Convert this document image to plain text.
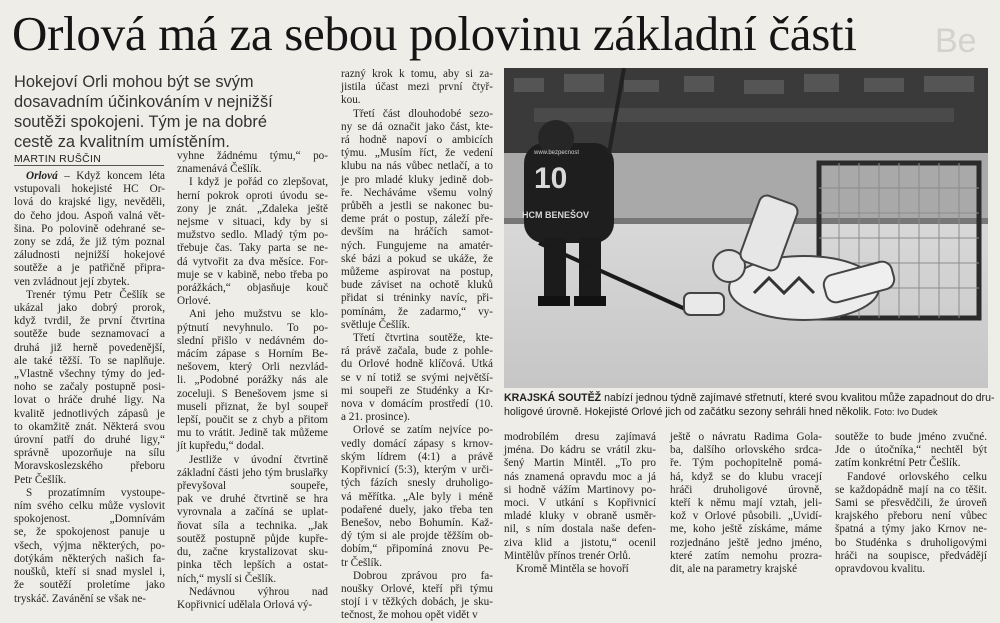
Orlová má za sebou polovinu základní části	Be

Hokejoví Orli mohou být se svým

dosavadním účinkováním v nejnižší

soutěži spokojeni. Tým je na dobré

cestě za kvalitním umístěním.

MARTIN RUŠČIN
Orlová – Když koncem léta
vstupovali hokejisté HC Or-
lová do krajské ligy, nevěděli,
do čeho jdou. Aspoň valná vět-
šina. Po polovině odehrané se-
zony se zdá, že již tým poznal
záludnosti nejnižší hokejové
soutěže a je patřičně připra-
ven zvládnout její zbytek.
Trenér týmu Petr Češlík se
ukázal jako dobrý prorok,
když tvrdil, že první čtvrtina
soutěže bude seznamovací a
druhá již herně povedenější,
ale také těžší. To se naplňuje.
„Vlastně všechny týmy do jed-
noho se začaly postupně posi-
lovat o hráče druhé ligy. Na
kvalitě jednotlivých zápasů je
to okamžitě znát. Některá svou
úrovní patří do druhé ligy,“
správně upozorňuje na sílu
Moravskoslezského přeboru
Petr Češlík.
S prozatímním vystoupe-
ním svého celku může vyslovit
spokojenost. „Domnívám
se, že spokojenost panuje u
všech, výjma některých, po-
dotýkám některých našich fa-
noušků, kteří si snad myslel i,
že soutěží proletíme jako
tryskáč. Zavánění se však ne-
vyhne žádnému týmu,“ po-
znamenává Češlík.
I když je pořád co zlepšovat,
herní pokrok oproti úvodu se-
zony je znát. „Zdaleka ještě
nejsme v situaci, kdy by si
mužstvo sedlo. Mladý tým po-
třebuje čas. Taky parta se ne-
dá vytvořit za dva měsíce. For-
muje se v kabině, nebo třeba po
porážkách,“ objasňuje kouč
Orlové.
Ani jeho mužstvu se klo-
pýtnutí nevyhnulo. To po-
slední přišlo v nedávném do-
mácím zápase s Horním Be-
nešovem, který Orli nezvlád-
li. „Podobné porážky nás ale
zoceluji. S Benešovem jsme si
museli přiznat, že byl soupeř
lepší, poučit se z chyb a přitom
mu to vrátit. Jedině tak můžeme
jít kupředu,“ dodal.
Jestliže v úvodní čtvrtině
základní části jeho tým bruslařky
převyšoval soupeře,
pak ve druhé čtvrtině se hra
vyrovnala a začíná se uplat-
ňovat síla a technika. „Jak
soutěž postupně půjde kupře-
du, začne krystalizovat sku-
pinka těch lepších a ostat-
ních,“ myslí si Češlík.
Nedávnou výhrou nad
Kopřivnicí udělala Orlová vý-
razný krok k tomu, aby si za-
jistila účast mezi první čtyř-
kou.
Třetí část dlouhodobé sezo-
ny se dá označit jako část, kte-
rá hodně napoví o ambicích
týmu. „Musím říct, že vedení
klubu na nás vůbec netlačí, a to
je pro mladé kluky jedině dob-
ře. Necháváme všemu volný
průběh a jestli se nakonec bu-
deme prát o postup, záleží pře-
devším na hráčích samot-
ných. Fungujeme na amatér-
ské bázi a pokud se ukáže, že
můžeme aspirovat na postup,
bude záviset na ochotě kluků
přidat si tréninky navíc, při-
pomínám, že zadarmo,“ vy-
světluje Češlík.
Třetí čtvrtina soutěže, kte-
rá právě začala, bude z pohle-
du Orlové hodně klíčová. Utká
se v ní totiž se svými největší-
mi soupeři ze Studénky a Kr-
nova v domácím prostředí (10.
a 21. prosince).
Orlové se zatím nejvíce po-
vedly domácí zápasy s krnov-
ským lídrem (4:1) a právě
Kopřivnicí (5:3), kterým v urči-
tých fázích snesly druholigo-
vá měřítka. „Ale byly i méně
podařené duely, jako třeba ten
Benešov, nebo Bohumín. Kaž-
dý tým si ale projde těžším ob-
dobím,“ připomíná znovu Pe-
tr Češlík.
Dobrou zprávou pro fa-
noušky Orlové, kteří při týmu
stojí i v těžkých dobách, je sku-
tečnost, že mohou opět vidět v
modrobílém dresu zajímavá
jména. Do kádru se vrátil zku-
šený Martin Mintěl. „To pro
nás znamená opravdu moc a já
si hodně vážím Martinovy po-
moci. V utkání s Kopřivnicí
mladé kluky v obraně usměr-
nil, s ním dostala naše defen-
ziva klid a jistotu,“ ocenil
Mintělův přínos trenér Orlů.
Kromě Mintěla se hovoří
ještě o návratu Radima Gola-
ba, dalšího orlovského srdca-
ře. Tým pochopitelně pomá-
há, když se do klubu vracejí
hráči druholigové úrovně,
kteří k němu mají vztah, jeli-
kož v Orlové působili. „Uvidí-
me, koho ještě získáme, máme
rozjednáno ještě jedno jméno,
které zatím nemohu prozra-
dit, ale na parametry krajské
soutěže to bude jméno zvučné.
Jde o útočníka,“ nechtěl být
zatím konkrétní Petr Češlík.
Fandové orlovského celku
se každopádně mají na co těšit.
Sami se přesvědčili, že úroveň
krajského přeboru není vůbec
špatná a týmy jako Krnov ne-
bo Studénka s druholigovými
hráči na soupisce, předvádějí
opravdovou kvalitu.
10
HCM BENEŠOV
www.bezpecnost
KRAJSKÁ SOUTĚŽ nabízí jednou týdně zajímavé střetnutí, které svou kvalitou může zapadnout do dru-
holigové úrovně. Hokejisté Orlové jich od začátku sezony sehráli hned několik. Foto: Ivo Dudek
